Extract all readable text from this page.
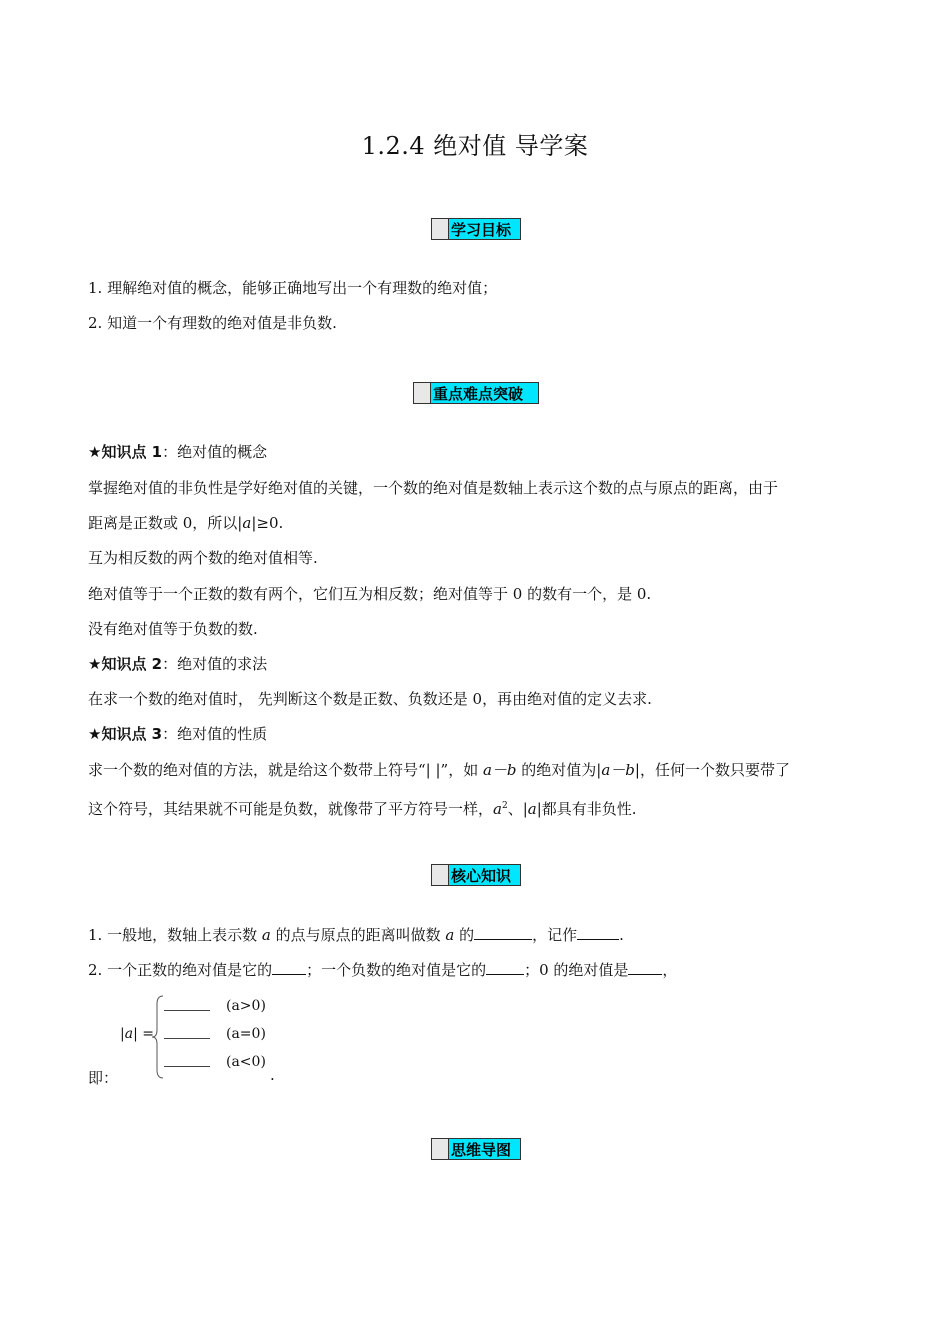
1.2.4 绝对值 导学案
学习目标
1. 理解绝对值的概念，能够正确地写出一个有理数的绝对值；
2. 知道一个有理数的绝对值是非负数.
重点难点突破
★知识点 1：绝对值的概念
掌握绝对值的非负性是学好绝对值的关键，一个数的绝对值是数轴上表示这个数的点与原点的距离，由于
距离是正数或 0，所以|a|≥0.
互为相反数的两个数的绝对值相等.
绝对值等于一个正数的数有两个，它们互为相反数；绝对值等于 0 的数有一个，是 0.
没有绝对值等于负数的数.
★知识点 2：绝对值的求法
在求一个数的绝对值时， 先判断这个数是正数、负数还是 0，再由绝对值的定义去求.
★知识点 3：绝对值的性质
求一个数的绝对值的方法，就是给这个数带上符号“| |”，如 a－b 的绝对值为|a－b|，任何一个数只要带了
这个符号，其结果就不可能是负数，就像带了平方符号一样，$a^2$、|a|都具有非负性.
核心知识
1. 一般地，数轴上表示数 a 的点与原点的距离叫做数 a 的	，记作	.
2. 一个正数的绝对值是它的 ；一个负数的绝对值是它的	；0 的绝对值是 ，
即：
|a| =
(a>0)
(a=0)
(a<0)
.
思维导图
